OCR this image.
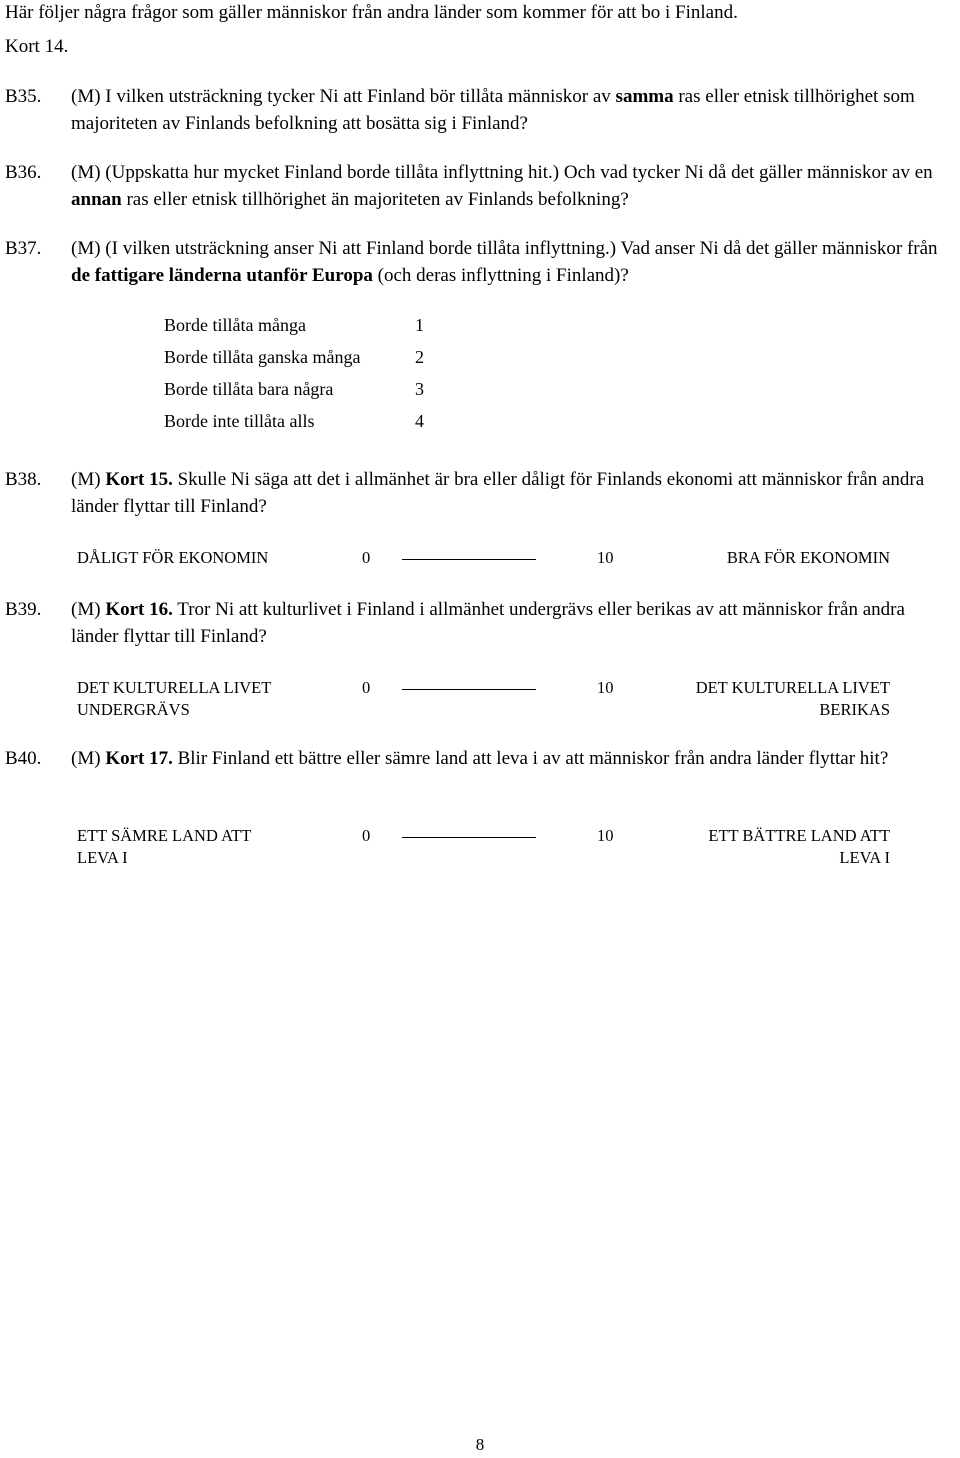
Här följer några frågor som gäller människor från andra länder som kommer för att bo i Finland.
Kort 14.
B35. (M) I vilken utsträckning tycker Ni att Finland bör tillåta människor av samma ras eller etnisk tillhörighet som majoriteten av Finlands befolkning att bosätta sig i Finland?
B36. (M) (Uppskatta hur mycket Finland borde tillåta inflyttning hit.) Och vad tycker Ni då det gäller människor av en annan ras eller etnisk tillhörighet än majoriteten av Finlands befolkning?
B37. (M) (I vilken utsträckning anser Ni att Finland borde tillåta inflyttning.) Vad anser Ni då det gäller människor från de fattigare länderna utanför Europa (och deras inflyttning i Finland)?
Borde tillåta många	1
Borde tillåta ganska många	2
Borde tillåta bara några	3
Borde inte tillåta alls	4
B38. (M) Kort 15. Skulle Ni säga att det i allmänhet är bra eller dåligt för Finlands ekonomi att människor från andra länder flyttar till Finland?
DÅLIGT FÖR EKONOMIN	0	10	BRA FÖR EKONOMIN
B39. (M) Kort 16. Tror Ni att kulturlivet i Finland i allmänhet undergrävs eller berikas av att människor från andra länder flyttar till Finland?
DET KULTURELLA LIVET
UNDERGRÄVS
0	10	DET KULTURELLA LIVET
BERIKAS
B40. (M) Kort 17. Blir Finland ett bättre eller sämre land att leva i av att människor från andra länder flyttar hit?
ETT SÄMRE LAND ATT
LEVA I
0	10	ETT BÄTTRE LAND ATT
LEVA I
8
